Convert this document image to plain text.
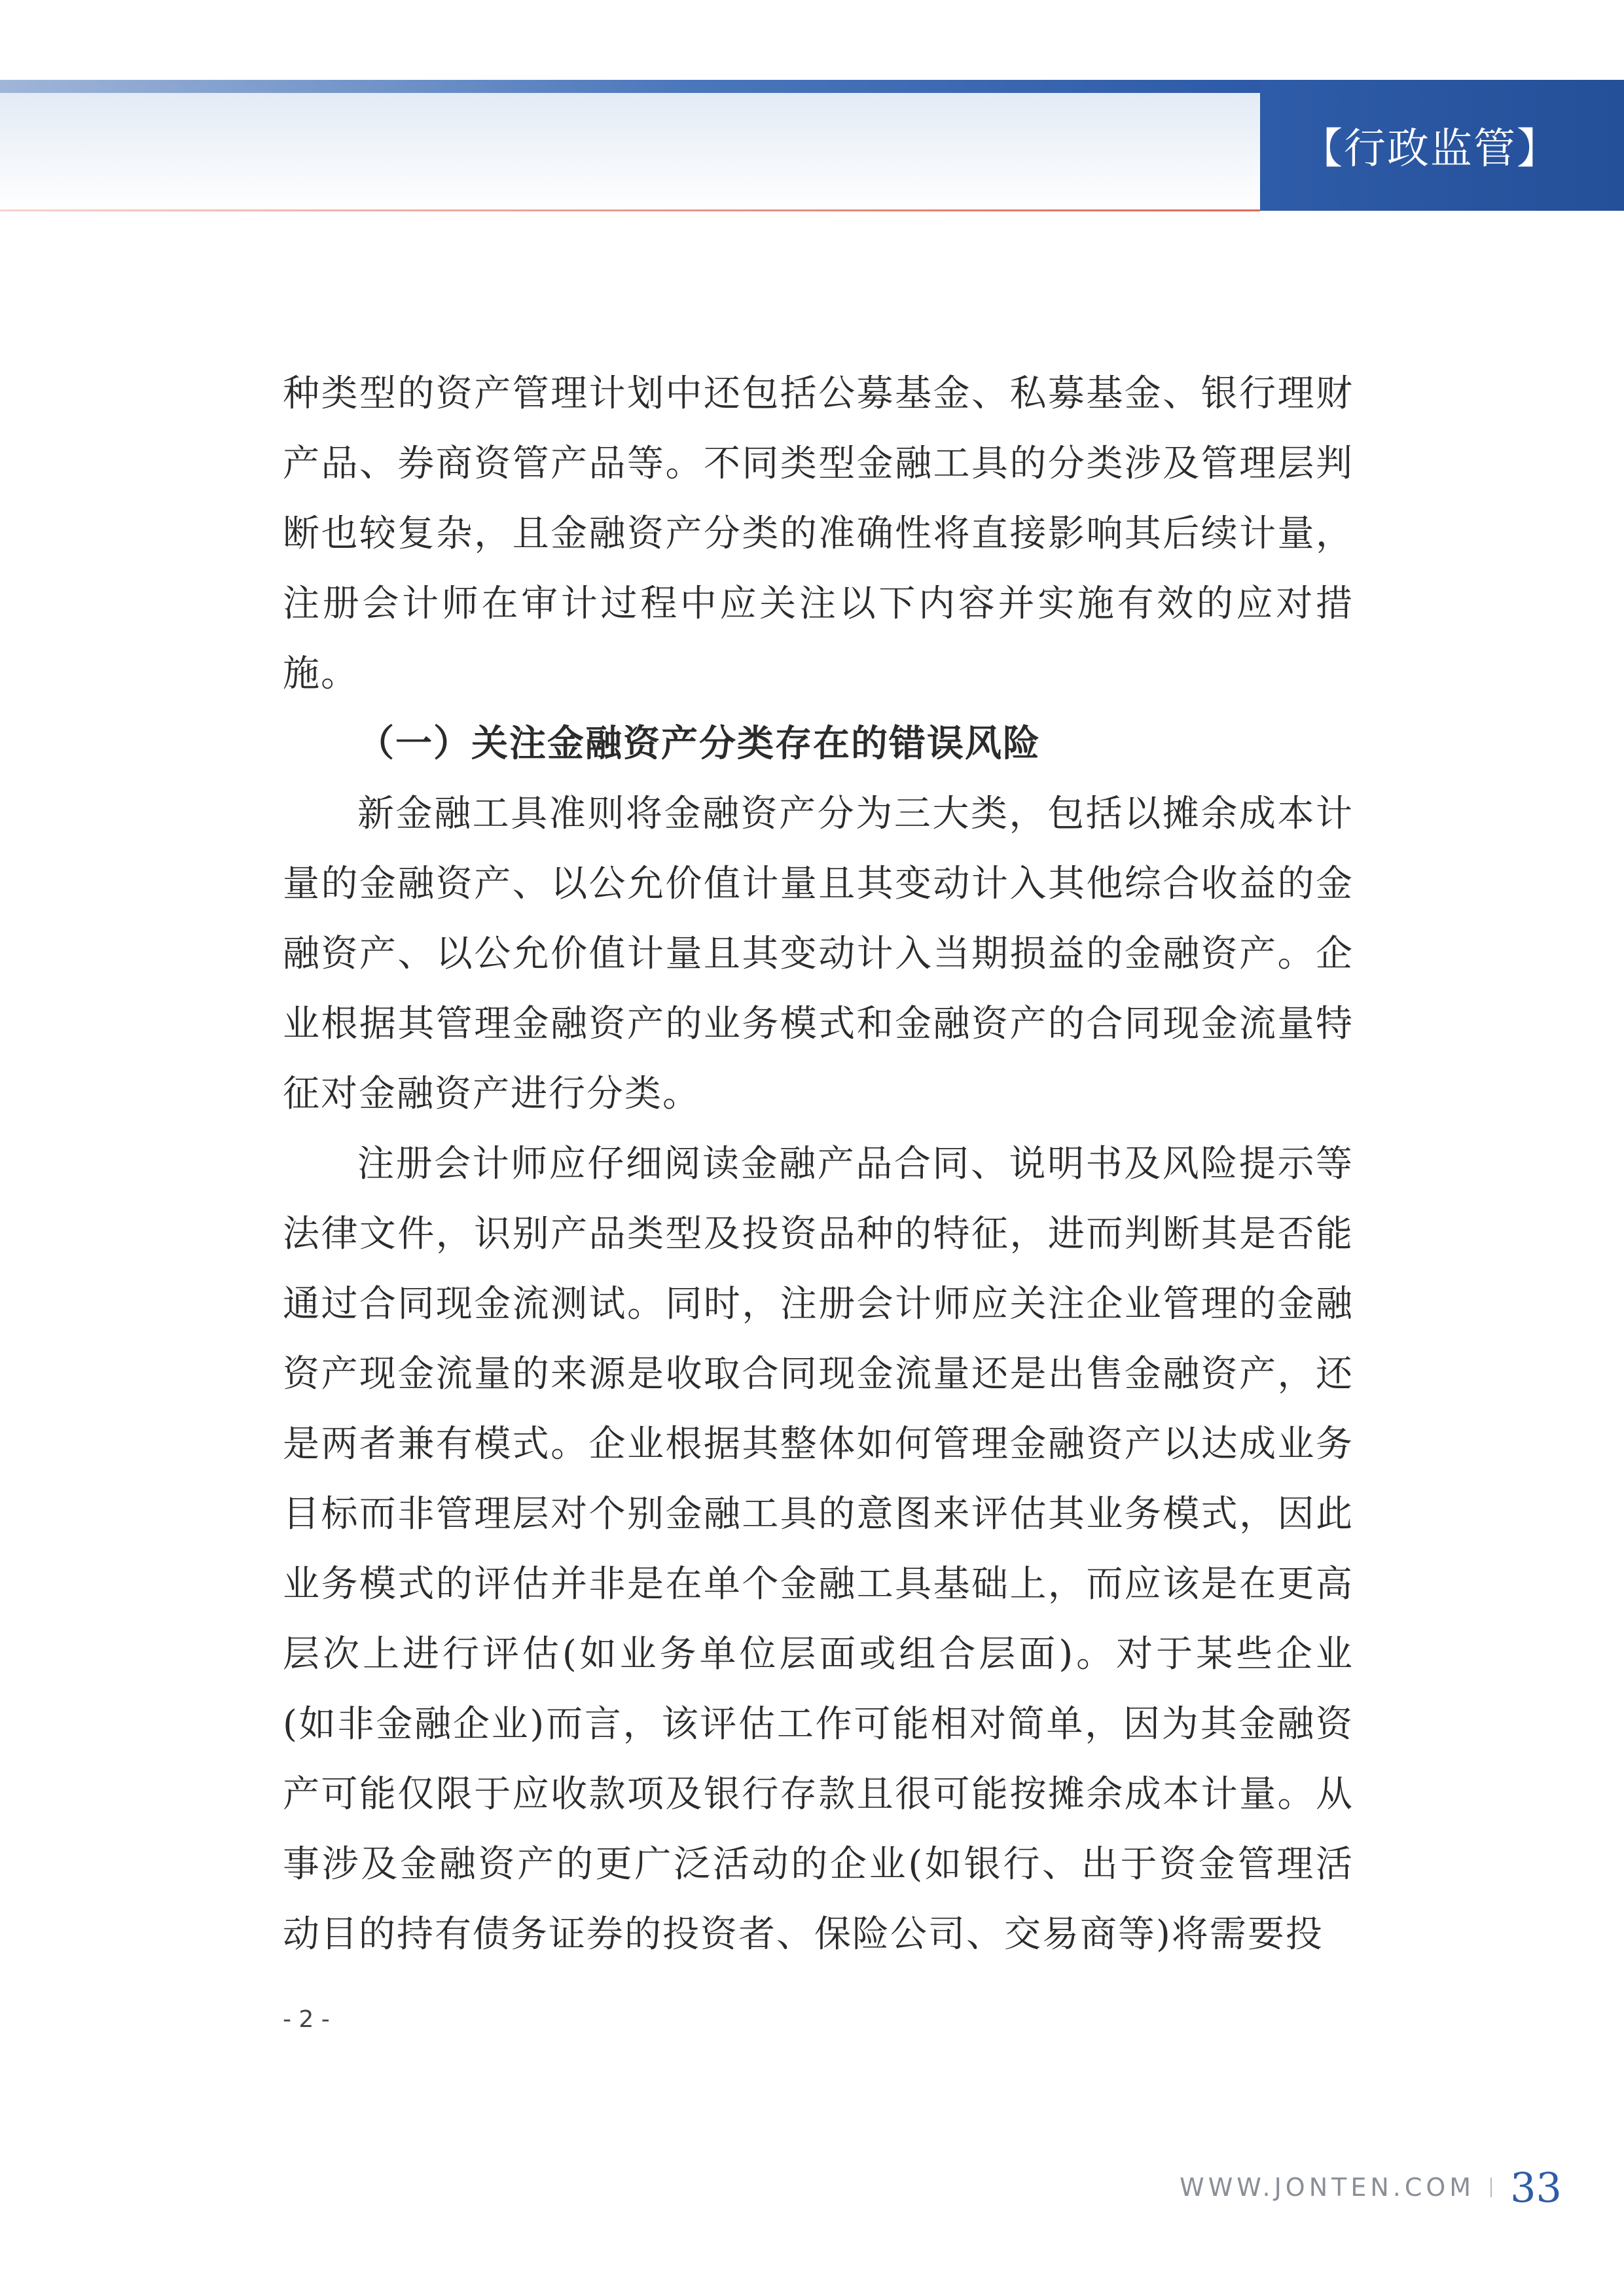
【行政监管】

种类型的资产管理计划中还包括公募基金、私募基金、银行理财产品、券商资管产品等。不同类型金融工具的分类涉及管理层判断也较复杂，且金融资产分类的准确性将直接影响其后续计量，注册会计师在审计过程中应关注以下内容并实施有效的应对措施。

（一）关注金融资产分类存在的错误风险

新金融工具准则将金融资产分为三大类，包括以摊余成本计量的金融资产、以公允价值计量且其变动计入其他综合收益的金融资产、以公允价值计量且其变动计入当期损益的金融资产。企业根据其管理金融资产的业务模式和金融资产的合同现金流量特征对金融资产进行分类。

注册会计师应仔细阅读金融产品合同、说明书及风险提示等法律文件，识别产品类型及投资品种的特征，进而判断其是否能通过合同现金流测试。同时，注册会计师应关注企业管理的金融资产现金流量的来源是收取合同现金流量还是出售金融资产，还是两者兼有模式。企业根据其整体如何管理金融资产以达成业务目标而非管理层对个别金融工具的意图来评估其业务模式，因此业务模式的评估并非是在单个金融工具基础上，而应该是在更高层次上进行评估(如业务单位层面或组合层面)。对于某些企业(如非金融企业)而言，该评估工作可能相对简单，因为其金融资产可能仅限于应收款项及银行存款且很可能按摊余成本计量。从事涉及金融资产的更广泛活动的企业(如银行、出于资金管理活动目的持有债务证券的投资者、保险公司、交易商等)将需要投

- 2 -
WWW.JONTEN.COM 33
